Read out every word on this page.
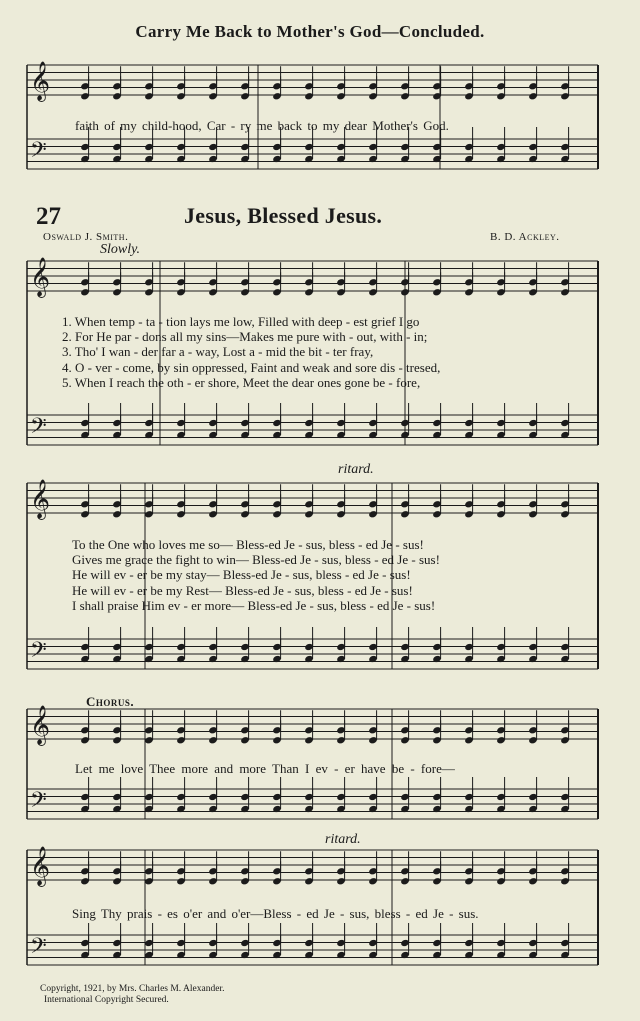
Carry Me Back to Mother's God—Concluded.
27	Jesus, Blessed Jesus.
Oswald J. Smith.	B. D. Ackley.
Slowly.
𝄞
𝄢
𝄞
𝄢
𝄞
𝄢
𝄞
𝄢
𝄞
𝄢
faith of my child-hood, Car - ry me back to my dear Mother's God.
1. When temp - ta - tion lays me low, Filled with deep - est grief I go
2. For He par - dons all my sins—Makes me pure with - out, with - in;
3. Tho' I wan - der far a - way, Lost a - mid the bit - ter fray,
4. O - ver - come, by sin oppressed, Faint and weak and sore dis - tresed,
5. When I reach the oth - er shore, Meet the dear ones gone be - fore,
ritard.
To the One who loves me so— Bless-ed Je - sus, bless - ed Je - sus!
Gives me grace the fight to win— Bless-ed Je - sus, bless - ed Je - sus!
He will ev - er be my stay— Bless-ed Je - sus, bless - ed Je - sus!
He will ev - er be my Rest— Bless-ed Je - sus, bless - ed Je - sus!
I shall praise Him ev - er more— Bless-ed Je - sus, bless - ed Je - sus!
Chorus.
Let me love Thee more and more Than I ev - er have be - fore—
ritard.
Sing Thy prais - es o'er and o'er—Bless - ed Je - sus, bless - ed Je - sus.
Copyright, 1921, by Mrs. Charles M. Alexander.
International Copyright Secured.
